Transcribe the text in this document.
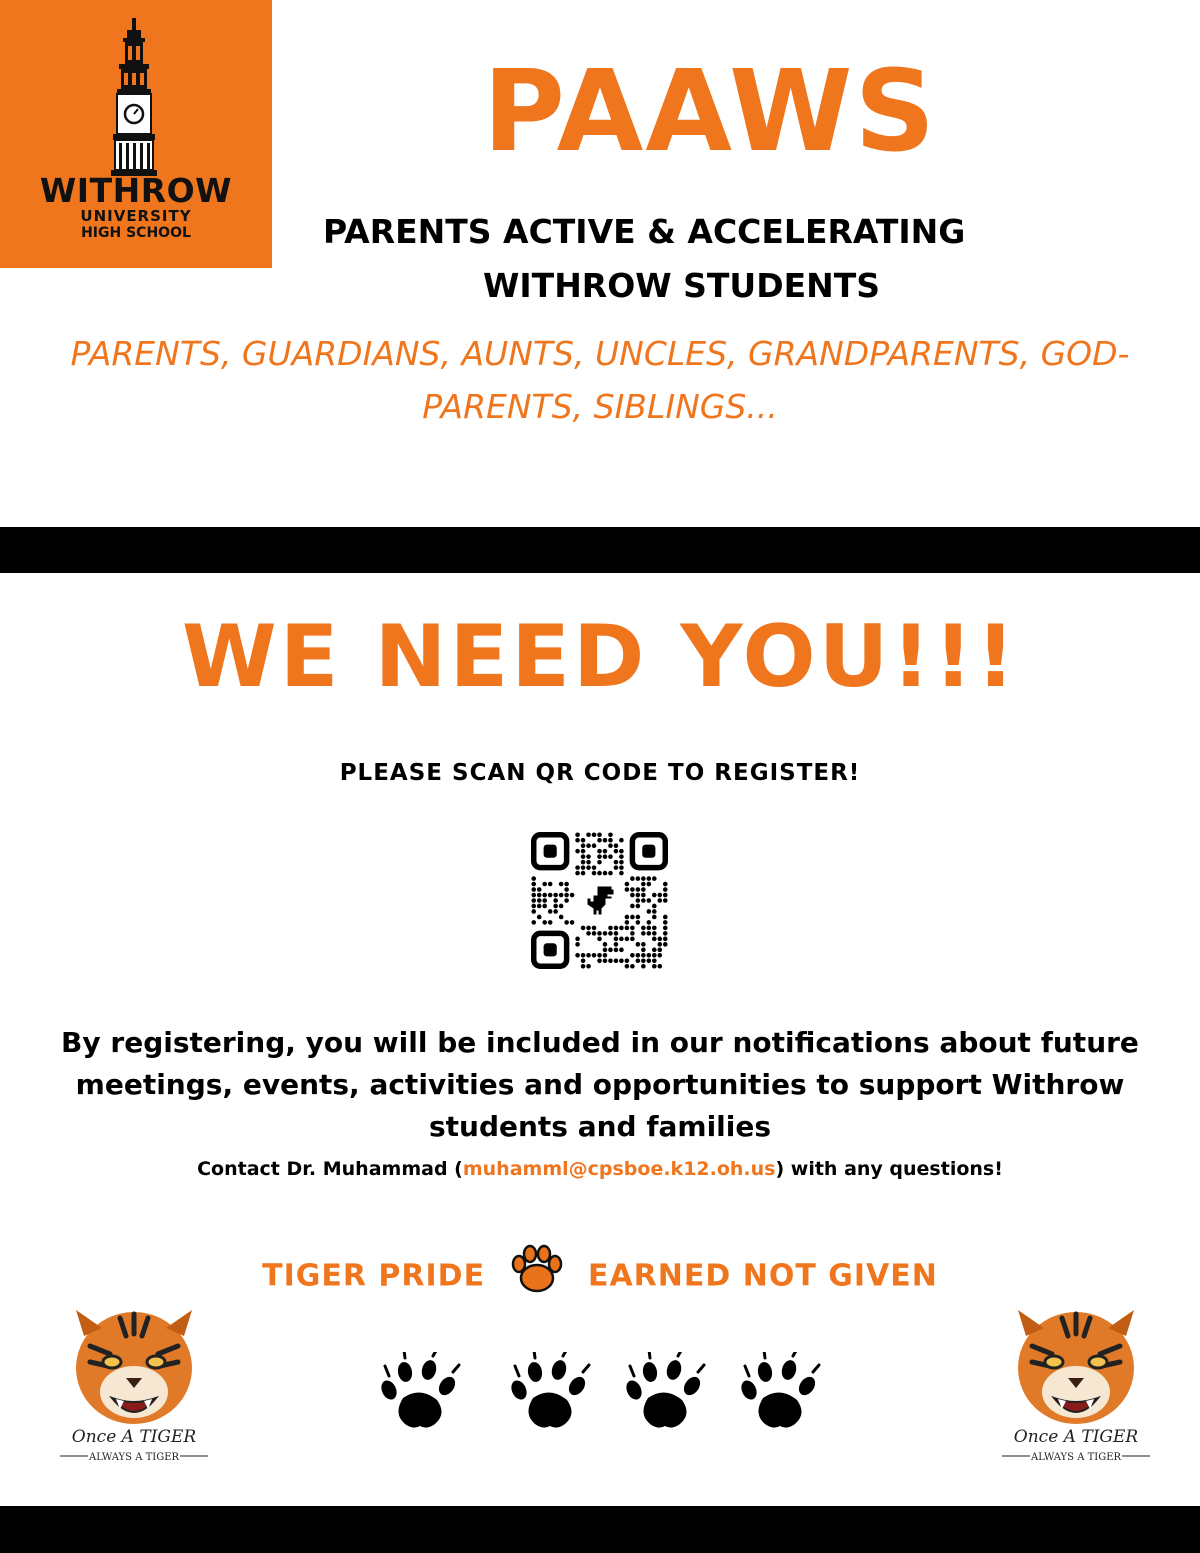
WITHROW
UNIVERSITY
HIGH SCHOOL
PAAWS
PARENTS ACTIVE & ACCELERATING
WITHROW STUDENTS
PARENTS, GUARDIANS, AUNTS, UNCLES, GRANDPARENTS, GOD-
PARENTS, SIBLINGS...
WE NEED YOU!!!
PLEASE SCAN QR CODE TO REGISTER!
By registering, you will be included in our notifications about future meetings, events, activities and opportunities to support Withrow students and families
Contact Dr. Muhammad (muhamml@cpsboe.k12.oh.us) with any questions!
TIGER PRIDE	EARNED NOT GIVEN
Once A TIGER
ALWAYS A TIGER
Once A TIGER
ALWAYS A TIGER
